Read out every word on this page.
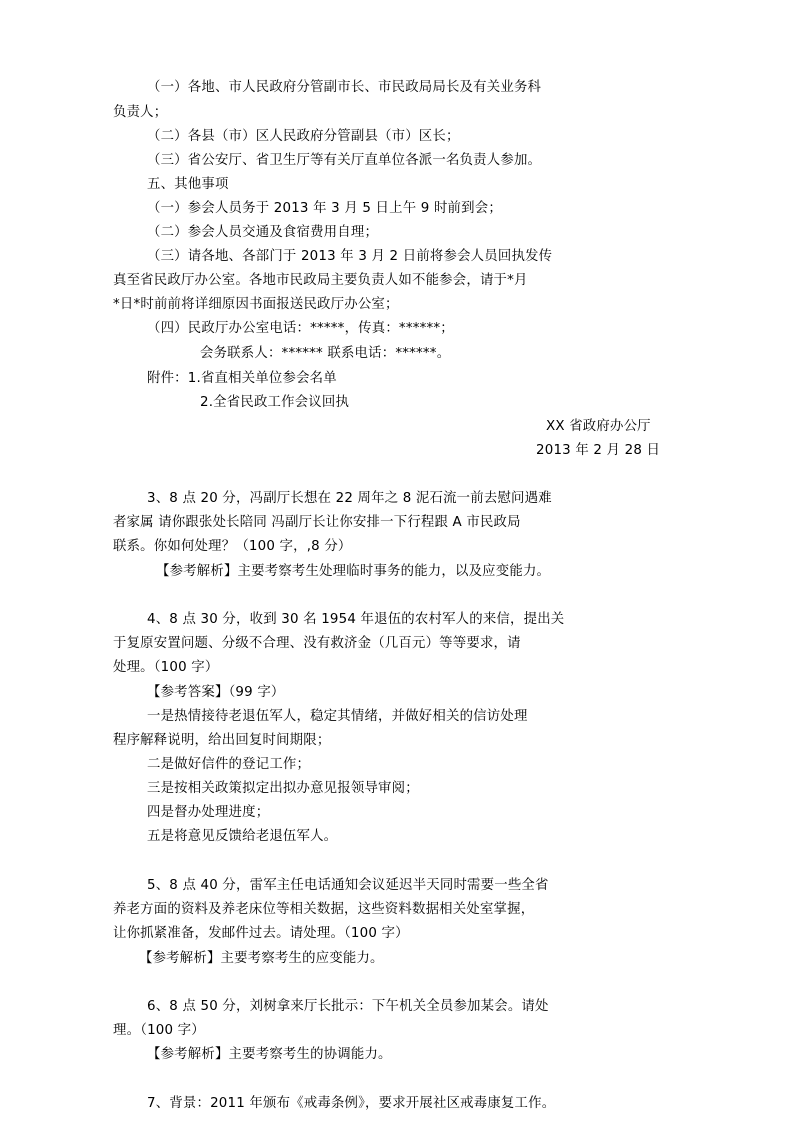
（一）各地、市人民政府分管副市长、市民政局局长及有关业务科
负责人；
（二）各县（市）区人民政府分管副县（市）区长；
（三）省公安厅、省卫生厅等有关厅直单位各派一名负责人参加。
五、其他事项
（一）参会人员务于 2013 年 3 月 5 日上午 9 时前到会；
（二）参会人员交通及食宿费用自理；
（三）请各地、各部门于 2013 年 3 月 2 日前将参会人员回执发传
真至省民政厅办公室。各地市民政局主要负责人如不能参会，请于*月
*日*时前前将详细原因书面报送民政厅办公室；
（四）民政厅办公室电话：*****，传真：******；
会务联系人：****** 联系电话：******。
附件：1.省直相关单位参会名单
2.全省民政工作会议回执
XX 省政府办公厅
2013 年 2 月 28 日
3、8 点 20 分，冯副厅长想在 22 周年之 8 泥石流一前去慰问遇难
者家属 请你跟张处长陪同 冯副厅长让你安排一下行程跟 A 市民政局
联系。你如何处理？（100 字，,8 分）
【参考解析】主要考察考生处理临时事务的能力，以及应变能力。
4、8 点 30 分，收到 30 名 1954 年退伍的农村军人的来信，提出关
于复原安置问题、分级不合理、没有救济金（几百元）等等要求，请
处理。（100 字）
【参考答案】（99 字）
一是热情接待老退伍军人，稳定其情绪，并做好相关的信访处理
程序解释说明，给出回复时间期限；
二是做好信件的登记工作；
三是按相关政策拟定出拟办意见报领导审阅；
四是督办处理进度；
五是将意见反馈给老退伍军人。
5、8 点 40 分，雷军主任电话通知会议延迟半天同时需要一些全省
养老方面的资料及养老床位等相关数据，这些资料数据相关处室掌握，
让你抓紧准备，发邮件过去。请处理。（100 字）
【参考解析】主要考察考生的应变能力。
6、8 点 50 分，刘树拿来厅长批示：下午机关全员参加某会。请处
理。（100 字）
【参考解析】主要考察考生的协调能力。
7、背景：2011 年颁布《戒毒条例》，要求开展社区戒毒康复工作。
